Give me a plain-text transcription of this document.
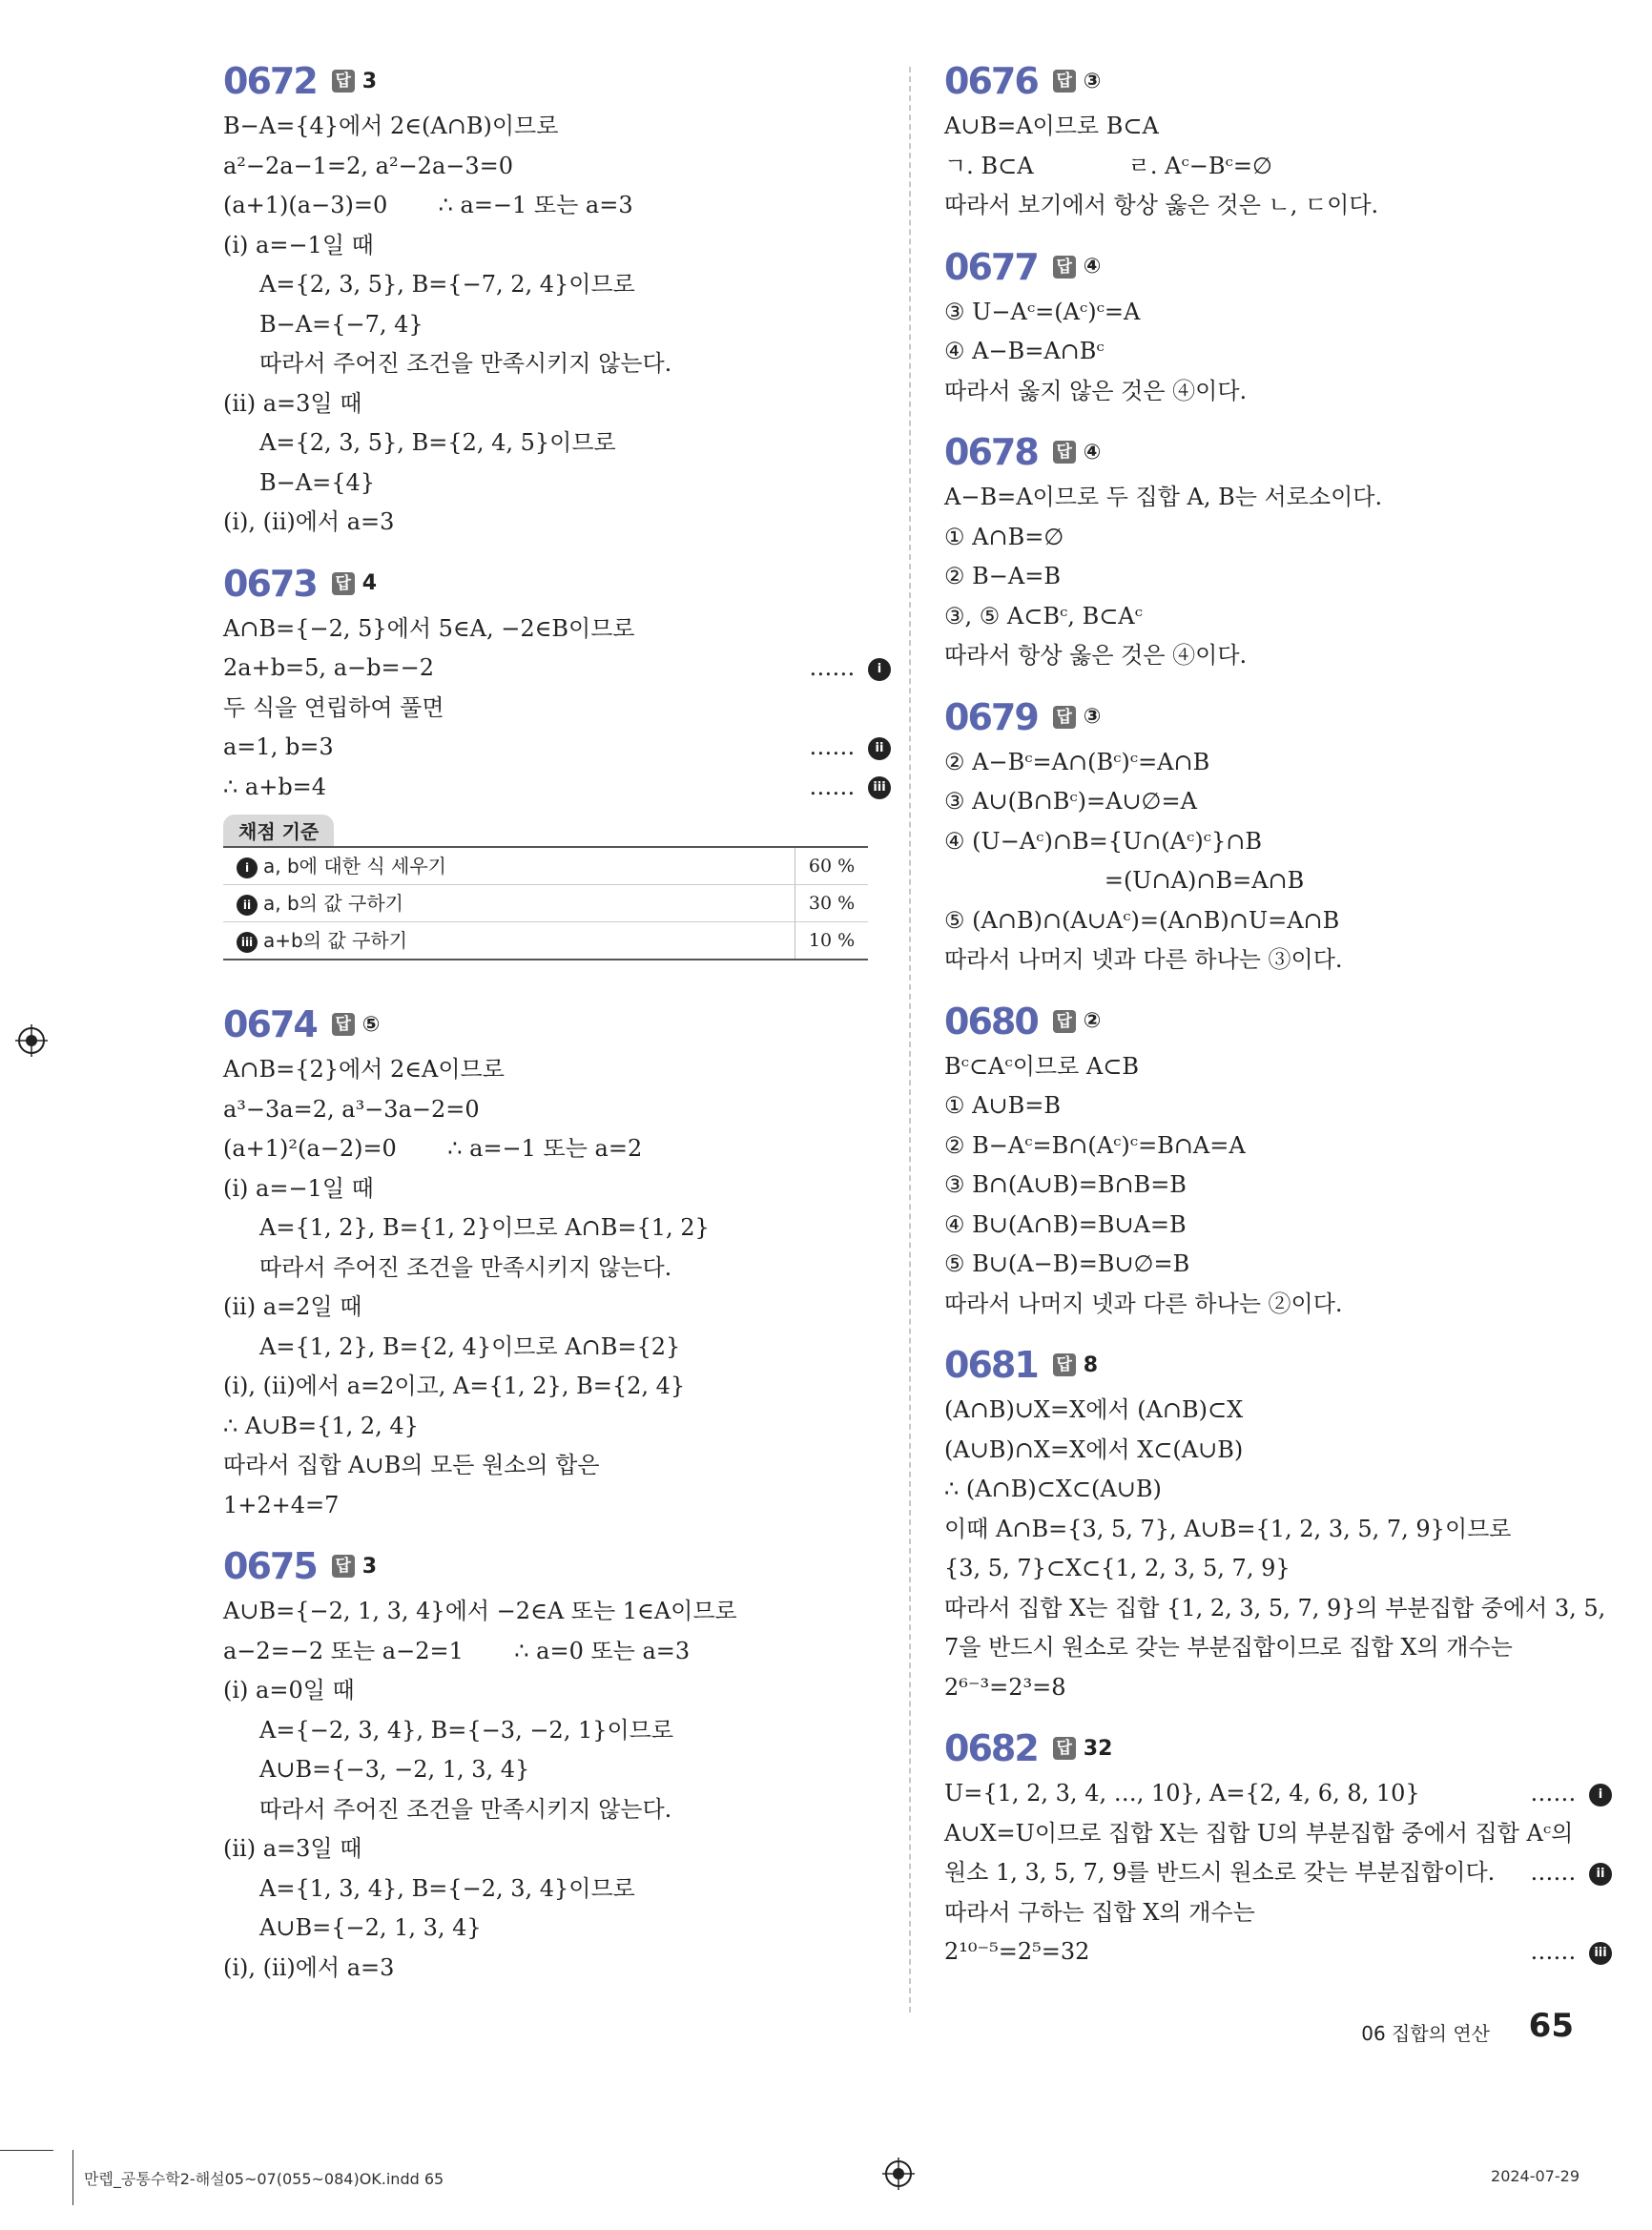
0672 답 3
B−A={4}에서 2∈(A∩B)이므로
a²−2a−1=2, a²−2a−3=0
(a+1)(a−3)=0       ∴ a=−1 또는 a=3
(i) a=−1일 때
A={2, 3, 5}, B={−7, 2, 4}이므로
B−A={−7, 4}
따라서 주어진 조건을 만족시키지 않는다.
(ii) a=3일 때
A={2, 3, 5}, B={2, 4, 5}이므로
B−A={4}
(i), (ii)에서 a=3
0673 답 4
A∩B={−2, 5}에서 5∈A, −2∈B이므로
2a+b=5, a−b=−2	…… i
두 식을 연립하여 풀면
a=1, b=3	…… ii
∴ a+b=4	…… iii
채점 기준
i a, b에 대한 식 세우기	60 %
ii a, b의 값 구하기	30 %
iii a+b의 값 구하기	10 %
0674 답 ⑤
A∩B={2}에서 2∈A이므로
a³−3a=2, a³−3a−2=0
(a+1)²(a−2)=0       ∴ a=−1 또는 a=2
(i) a=−1일 때
A={1, 2}, B={1, 2}이므로 A∩B={1, 2}
따라서 주어진 조건을 만족시키지 않는다.
(ii) a=2일 때
A={1, 2}, B={2, 4}이므로 A∩B={2}
(i), (ii)에서 a=2이고, A={1, 2}, B={2, 4}
∴ A∪B={1, 2, 4}
따라서 집합 A∪B의 모든 원소의 합은
1+2+4=7
0675 답 3
A∪B={−2, 1, 3, 4}에서 −2∈A 또는 1∈A이므로
a−2=−2 또는 a−2=1       ∴ a=0 또는 a=3
(i) a=0일 때
A={−2, 3, 4}, B={−3, −2, 1}이므로
A∪B={−3, −2, 1, 3, 4}
따라서 주어진 조건을 만족시키지 않는다.
(ii) a=3일 때
A={1, 3, 4}, B={−2, 3, 4}이므로
A∪B={−2, 1, 3, 4}
(i), (ii)에서 a=3
0676 답 ③
A∪B=A이므로 B⊂A
ㄱ. B⊂A             ㄹ. Aᶜ−Bᶜ=∅
따라서 보기에서 항상 옳은 것은 ㄴ, ㄷ이다.
0677 답 ④
③ U−Aᶜ=(Aᶜ)ᶜ=A
④ A−B=A∩Bᶜ
따라서 옳지 않은 것은 ④이다.
0678 답 ④
A−B=A이므로 두 집합 A, B는 서로소이다.
① A∩B=∅
② B−A=B
③, ⑤ A⊂Bᶜ, B⊂Aᶜ
따라서 항상 옳은 것은 ④이다.
0679 답 ③
② A−Bᶜ=A∩(Bᶜ)ᶜ=A∩B
③ A∪(B∩Bᶜ)=A∪∅=A
④ (U−Aᶜ)∩B={U∩(Aᶜ)ᶜ}∩B
=(U∩A)∩B=A∩B
⑤ (A∩B)∩(A∪Aᶜ)=(A∩B)∩U=A∩B
따라서 나머지 넷과 다른 하나는 ③이다.
0680 답 ②
Bᶜ⊂Aᶜ이므로 A⊂B
① A∪B=B
② B−Aᶜ=B∩(Aᶜ)ᶜ=B∩A=A
③ B∩(A∪B)=B∩B=B
④ B∪(A∩B)=B∪A=B
⑤ B∪(A−B)=B∪∅=B
따라서 나머지 넷과 다른 하나는 ②이다.
0681 답 8
(A∩B)∪X=X에서 (A∩B)⊂X
(A∪B)∩X=X에서 X⊂(A∪B)
∴ (A∩B)⊂X⊂(A∪B)
이때 A∩B={3, 5, 7}, A∪B={1, 2, 3, 5, 7, 9}이므로
{3, 5, 7}⊂X⊂{1, 2, 3, 5, 7, 9}
따라서 집합 X는 집합 {1, 2, 3, 5, 7, 9}의 부분집합 중에서 3, 5,
7을 반드시 원소로 갖는 부분집합이므로 집합 X의 개수는
2⁶⁻³=2³=8
0682 답 32
U={1, 2, 3, 4, …, 10}, A={2, 4, 6, 8, 10}	…… i
A∪X=U이므로 집합 X는 집합 U의 부분집합 중에서 집합 Aᶜ의
원소 1, 3, 5, 7, 9를 반드시 원소로 갖는 부분집합이다. …… ii
따라서 구하는 집합 X의 개수는
2¹⁰⁻⁵=2⁵=32	…… iii
06 집합의 연산 65
만렙_공통수학2-해설05~07(055~084)OK.indd 65	2024-07-29
